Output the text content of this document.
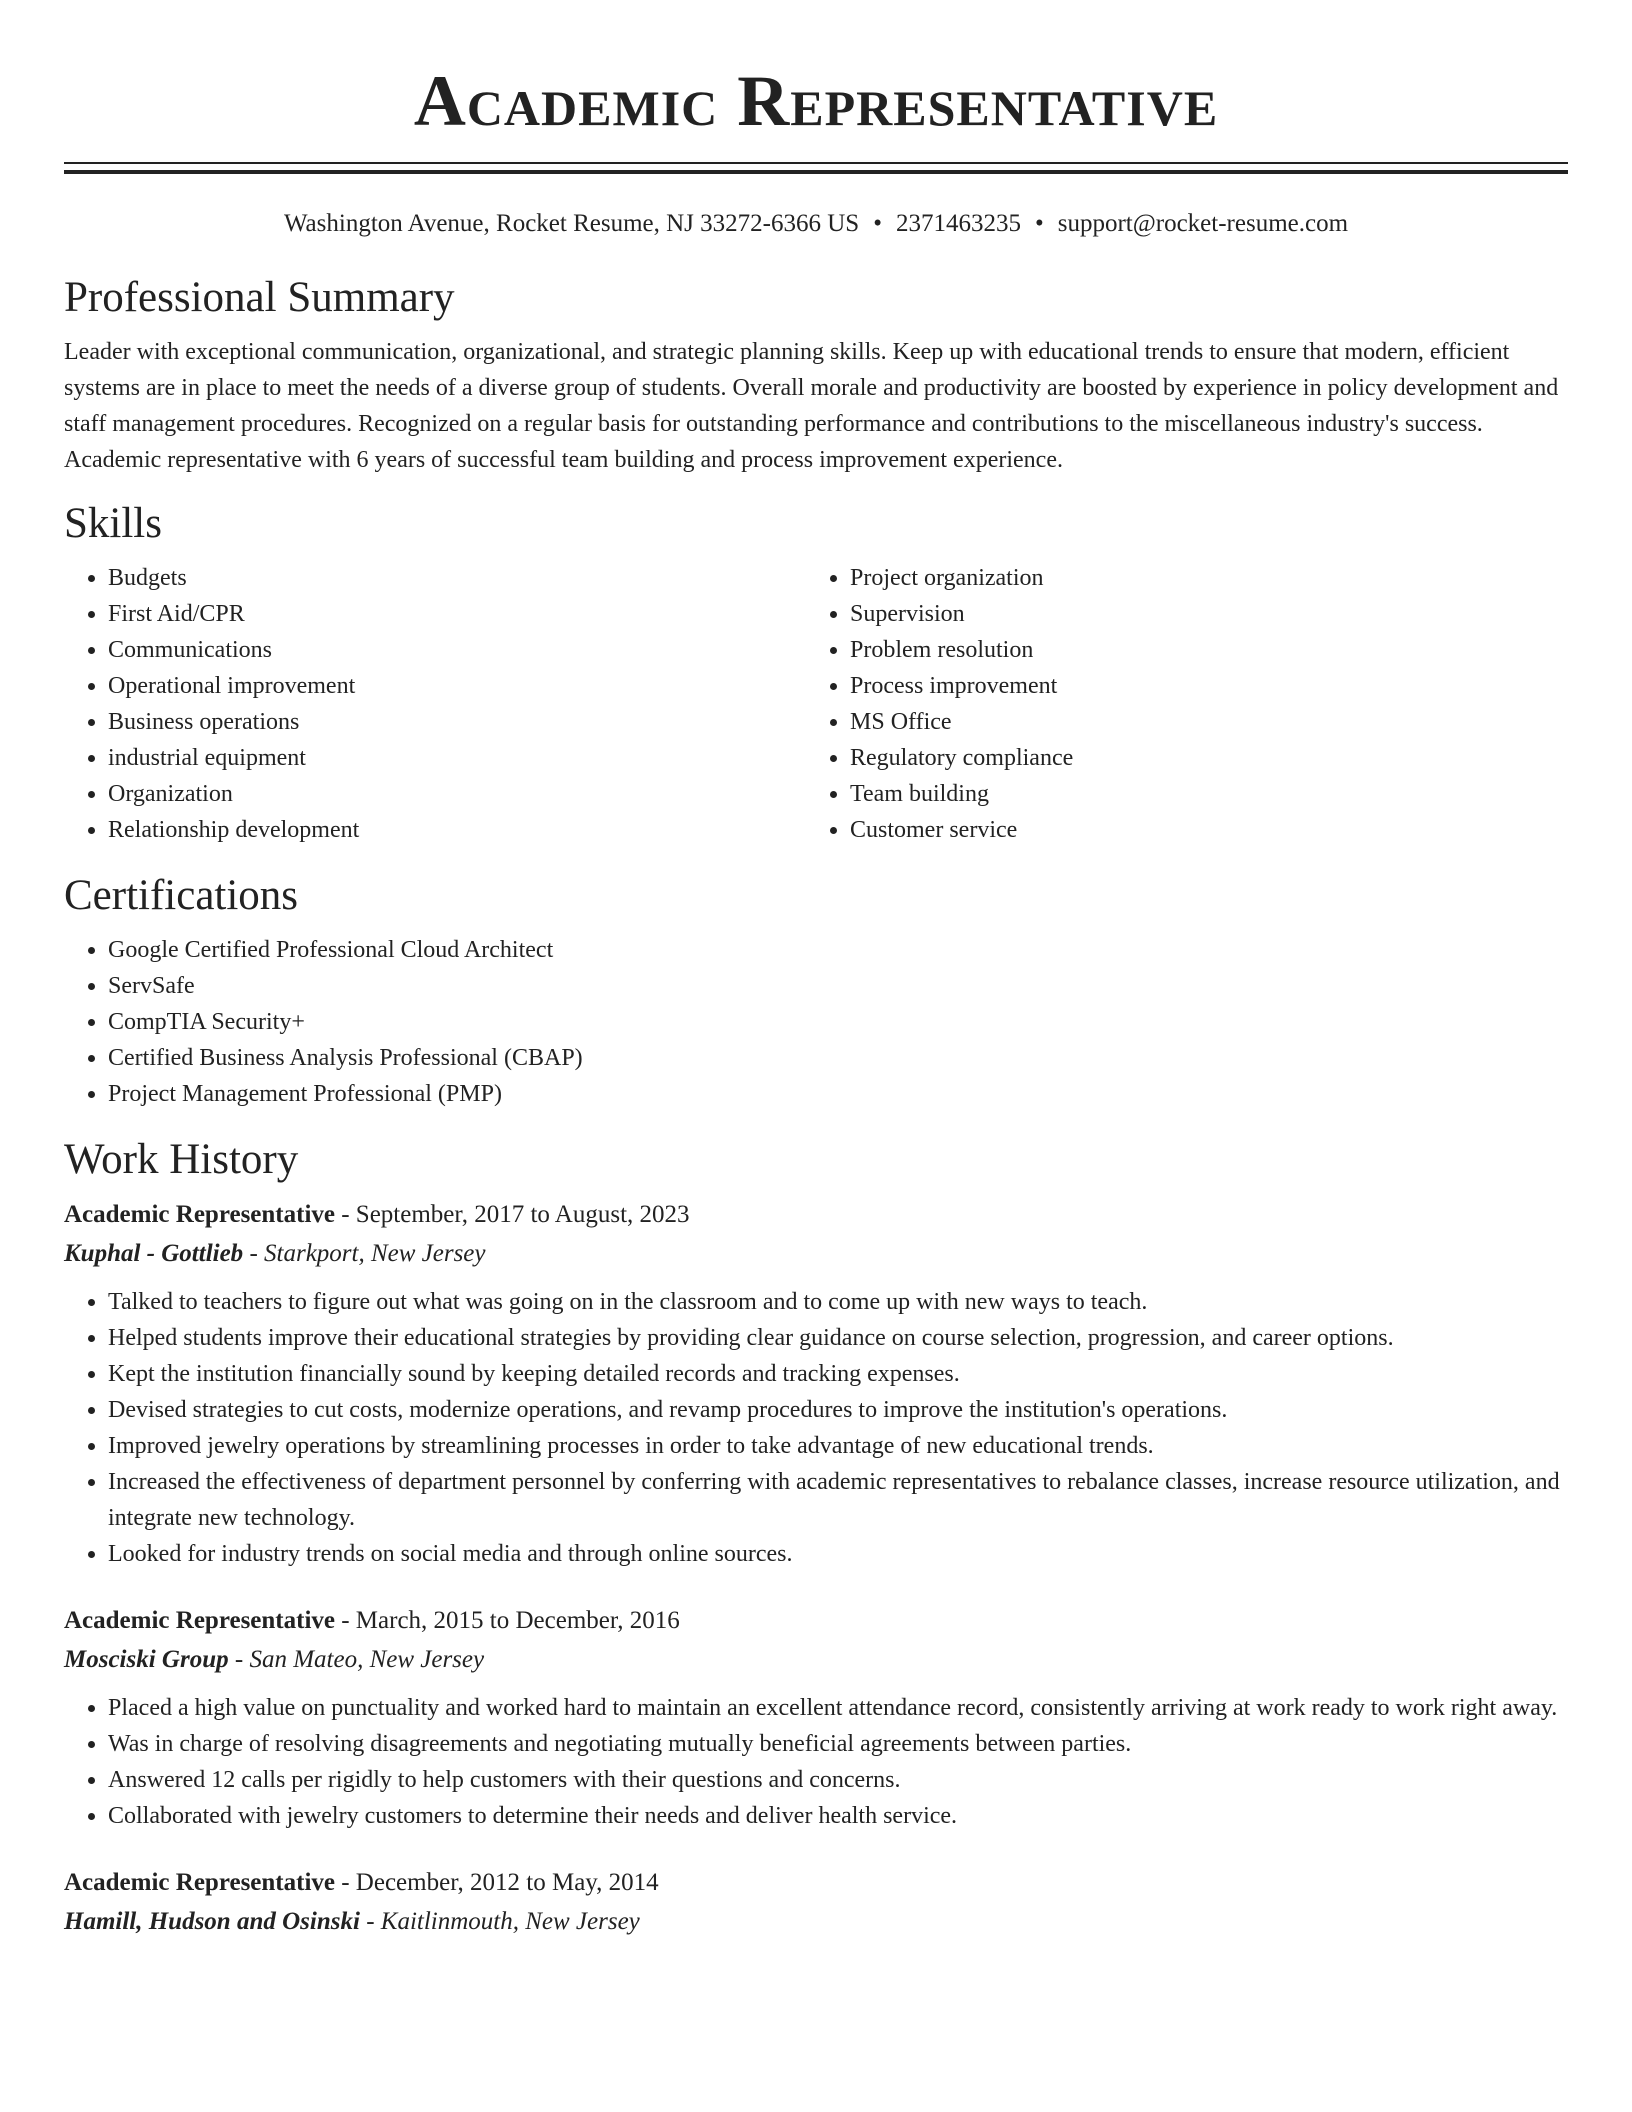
Academic Representative
Washington Avenue, Rocket Resume, NJ 33272-6366 US • 2371463235 • support@rocket-resume.com
Professional Summary

Leader with exceptional communication, organizational, and strategic planning skills. Keep up with educational trends to ensure that modern, efficient systems are in place to meet the needs of a diverse group of students. Overall morale and productivity are boosted by experience in policy development and staff management procedures. Recognized on a regular basis for outstanding performance and contributions to the miscellaneous industry's success. Academic representative with 6 years of successful team building and process improvement experience.

Skills
• Budgets
• First Aid/CPR
• Communications
• Operational improvement
• Business operations
• industrial equipment
• Organization
• Relationship development
• Project organization
• Supervision
• Problem resolution
• Process improvement
• MS Office
• Regulatory compliance
• Team building
• Customer service
Certifications
• Google Certified Professional Cloud Architect
• ServSafe
• CompTIA Security+
• Certified Business Analysis Professional (CBAP)
• Project Management Professional (PMP)
Work History
Academic Representative - September, 2017 to August, 2023
Kuphal - Gottlieb - Starkport, New Jersey
• Talked to teachers to figure out what was going on in the classroom and to come up with new ways to teach.
• Helped students improve their educational strategies by providing clear guidance on course selection, progression, and career options.
• Kept the institution financially sound by keeping detailed records and tracking expenses.
• Devised strategies to cut costs, modernize operations, and revamp procedures to improve the institution's operations.
• Improved jewelry operations by streamlining processes in order to take advantage of new educational trends.
• Increased the effectiveness of department personnel by conferring with academic representatives to rebalance classes, increase resource utilization, and integrate new technology.
• Looked for industry trends on social media and through online sources.
Academic Representative - March, 2015 to December, 2016
Mosciski Group - San Mateo, New Jersey
• Placed a high value on punctuality and worked hard to maintain an excellent attendance record, consistently arriving at work ready to work right away.
• Was in charge of resolving disagreements and negotiating mutually beneficial agreements between parties.
• Answered 12 calls per rigidly to help customers with their questions and concerns.
• Collaborated with jewelry customers to determine their needs and deliver health service.
Academic Representative - December, 2012 to May, 2014
Hamill, Hudson and Osinski - Kaitlinmouth, New Jersey
